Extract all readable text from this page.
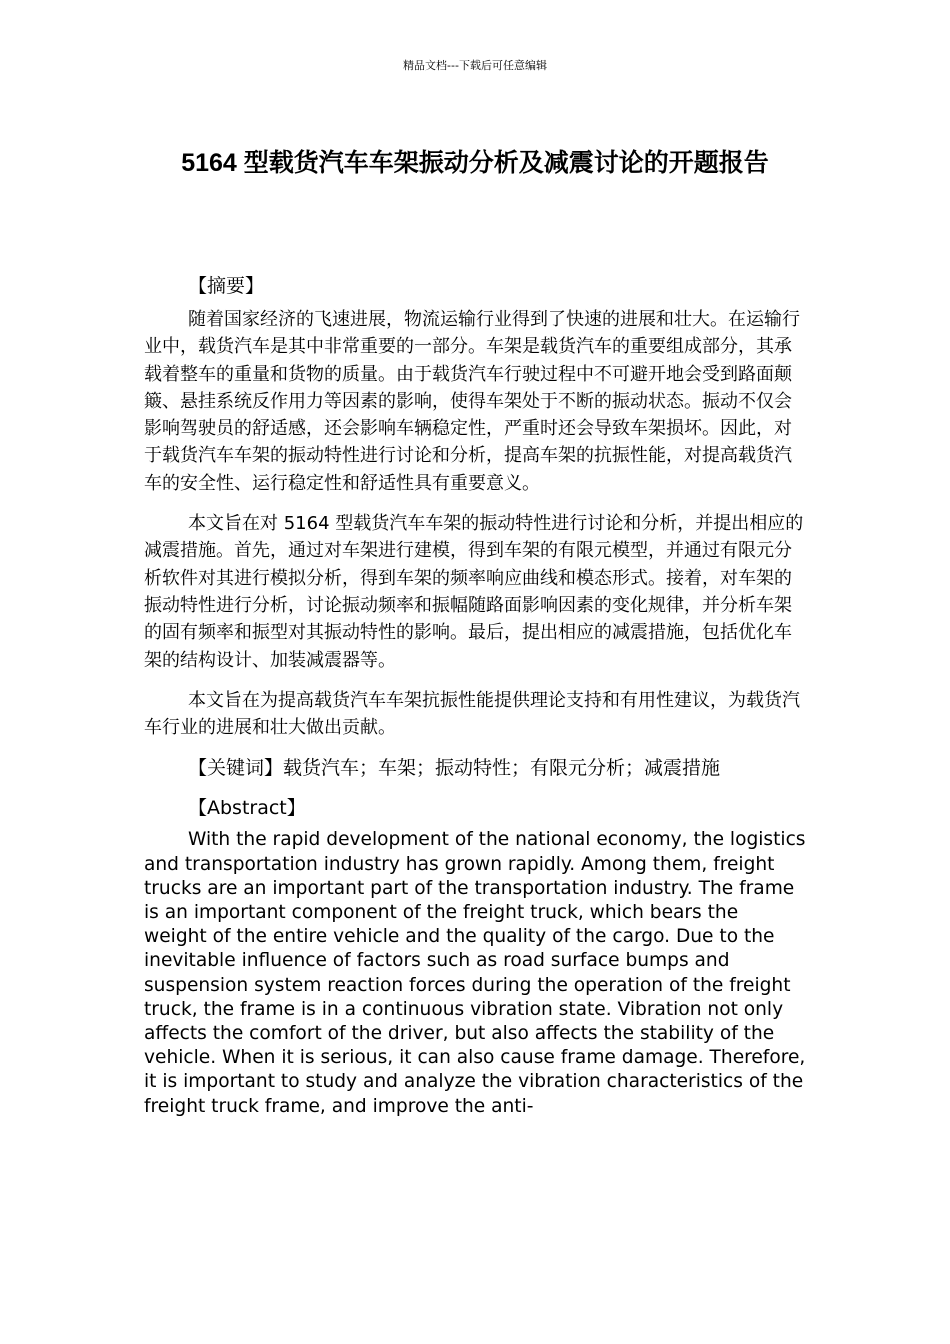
精品文档---下载后可任意编辑
5164 型载货汽车车架振动分析及减震讨论的开题报告

【摘要】

随着国家经济的飞速进展，物流运输行业得到了快速的进展和壮大。在运输行业中，载货汽车是其中非常重要的一部分。车架是载货汽车的重要组成部分，其承载着整车的重量和货物的质量。由于载货汽车行驶过程中不可避开地会受到路面颠簸、悬挂系统反作用力等因素的影响，使得车架处于不断的振动状态。振动不仅会影响驾驶员的舒适感，还会影响车辆稳定性，严重时还会导致车架损坏。因此，对于载货汽车车架的振动特性进行讨论和分析，提高车架的抗振性能，对提高载货汽车的安全性、运行稳定性和舒适性具有重要意义。

本文旨在对 5164 型载货汽车车架的振动特性进行讨论和分析，并提出相应的减震措施。首先，通过对车架进行建模，得到车架的有限元模型，并通过有限元分析软件对其进行模拟分析，得到车架的频率响应曲线和模态形式。接着，对车架的振动特性进行分析，讨论振动频率和振幅随路面影响因素的变化规律，并分析车架的固有频率和振型对其振动特性的影响。最后，提出相应的减震措施，包括优化车架的结构设计、加装减震器等。

本文旨在为提高载货汽车车架抗振性能提供理论支持和有用性建议，为载货汽车行业的进展和壮大做出贡献。

【关键词】载货汽车；车架；振动特性；有限元分析；减震措施

【Abstract】

With the rapid development of the national economy, the logistics and transportation industry has grown rapidly. Among them, freight trucks are an important part of the transportation industry. The frame is an important component of the freight truck, which bears the weight of the entire vehicle and the quality of the cargo. Due to the inevitable influence of factors such as road surface bumps and suspension system reaction forces during the operation of the freight truck, the frame is in a continuous vibration state. Vibration not only affects the comfort of the driver, but also affects the stability of the vehicle. When it is serious, it can also cause frame damage. Therefore, it is important to study and analyze the vibration characteristics of the freight truck frame, and improve the anti-
